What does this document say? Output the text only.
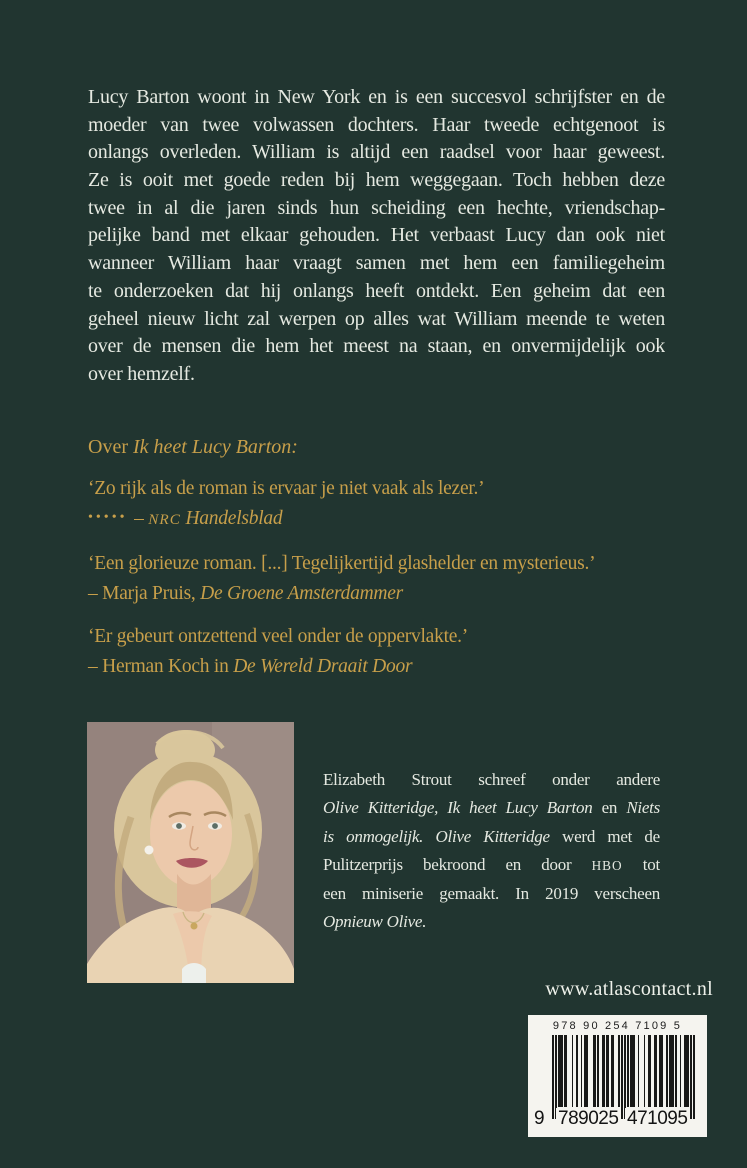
Lucy Barton woont in New York en is een succesvol schrijfster en de
moeder van twee volwassen dochters. Haar tweede echtgenoot is
onlangs overleden. William is altijd een raadsel voor haar geweest.
Ze is ooit met goede reden bij hem weggegaan. Toch hebben deze
twee in al die jaren sinds hun scheiding een hechte, vriendschap-
pelijke band met elkaar gehouden. Het verbaast Lucy dan ook niet
wanneer William haar vraagt samen met hem een familiegeheim
te onderzoeken dat hij onlangs heeft ontdekt. Een geheim dat een
geheel nieuw licht zal werpen op alles wat William meende te weten
over de mensen die hem het meest na staan, en onvermijdelijk ook
over hemzelf.
Over Ik heet Lucy Barton:
‘Zo rijk als de roman is ervaar je niet vaak als lezer.’
••••• – NRC Handelsblad
‘Een glorieuze roman. [...] Tegelijkertijd glashelder en mysterieus.’
– Marja Pruis, De Groene Amsterdammer
‘Er gebeurt ontzettend veel onder de oppervlakte.’
– Herman Koch in De Wereld Draait Door
Elizabeth Strout schreef onder andere
Olive Kitteridge, Ik heet Lucy Barton en Niets
is onmogelijk. Olive Kitteridge werd met de
Pulitzerprijs bekroond en door HBO tot
een miniserie gemaakt. In 2019 verscheen
Opnieuw Olive.
www.atlascontact.nl
978 90 254 7109 5
9 789025 471095
